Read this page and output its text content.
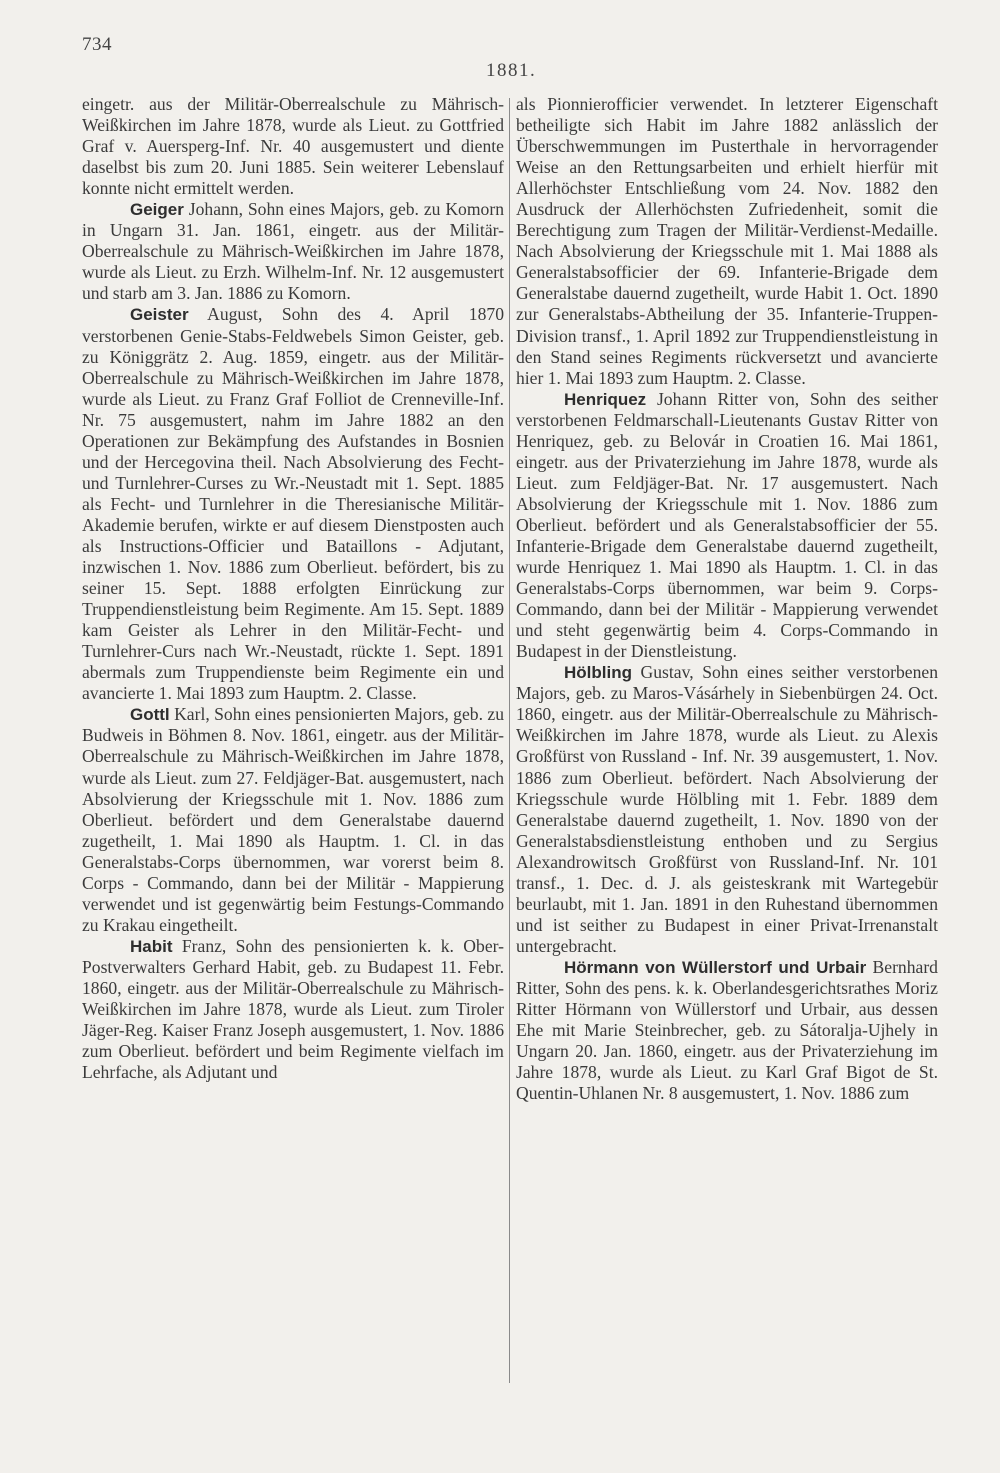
734
1881.

eingetr. aus der Militär-Oberrealschule zu Mährisch-Weißkirchen im Jahre 1878, wurde als Lieut. zu Gottfried Graf v. Auersperg-Inf. Nr. 40 ausgemustert und diente daselbst bis zum 20. Juni 1885. Sein weiterer Lebenslauf konnte nicht ermittelt werden.

Geiger Johann, Sohn eines Majors, geb. zu Komorn in Ungarn 31. Jan. 1861, eingetr. aus der Militär-Oberrealschule zu Mährisch-Weißkirchen im Jahre 1878, wurde als Lieut. zu Erzh. Wilhelm-Inf. Nr. 12 ausgemustert und starb am 3. Jan. 1886 zu Komorn.

Geister August, Sohn des 4. April 1870 verstorbenen Genie-Stabs-Feldwebels Simon Geister, geb. zu Königgrätz 2. Aug. 1859, eingetr. aus der Militär-Oberrealschule zu Mährisch-Weißkirchen im Jahre 1878, wurde als Lieut. zu Franz Graf Folliot de Crenneville-Inf. Nr. 75 ausgemustert, nahm im Jahre 1882 an den Operationen zur Bekämpfung des Aufstandes in Bosnien und der Hercegovina theil. Nach Absolvierung des Fecht- und Turnlehrer-Curses zu Wr.-Neustadt mit 1. Sept. 1885 als Fecht- und Turnlehrer in die Theresianische Militär-Akademie berufen, wirkte er auf diesem Dienstposten auch als Instructions-Officier und Bataillons - Adjutant, inzwischen 1. Nov. 1886 zum Oberlieut. befördert, bis zu seiner 15. Sept. 1888 erfolgten Einrückung zur Truppendienstleistung beim Regimente. Am 15. Sept. 1889 kam Geister als Lehrer in den Militär-Fecht- und Turnlehrer-Curs nach Wr.-Neustadt, rückte 1. Sept. 1891 abermals zum Truppendienste beim Regimente ein und avancierte 1. Mai 1893 zum Hauptm. 2. Classe.

Gottl Karl, Sohn eines pensionierten Majors, geb. zu Budweis in Böhmen 8. Nov. 1861, eingetr. aus der Militär-Oberrealschule zu Mährisch-Weißkirchen im Jahre 1878, wurde als Lieut. zum 27. Feldjäger-Bat. ausgemustert, nach Absolvierung der Kriegsschule mit 1. Nov. 1886 zum Oberlieut. befördert und dem Generalstabe dauernd zugetheilt, 1. Mai 1890 als Hauptm. 1. Cl. in das Generalstabs-Corps übernommen, war vorerst beim 8. Corps - Commando, dann bei der Militär - Mappierung verwendet und ist gegenwärtig beim Festungs-Commando zu Krakau eingetheilt.

Habit Franz, Sohn des pensionierten k. k. Ober-Postverwalters Gerhard Habit, geb. zu Budapest 11. Febr. 1860, eingetr. aus der Militär-Oberrealschule zu Mährisch-Weißkirchen im Jahre 1878, wurde als Lieut. zum Tiroler Jäger-Reg. Kaiser Franz Joseph ausgemustert, 1. Nov. 1886 zum Oberlieut. befördert und beim Regimente vielfach im Lehrfache, als Adjutant und

als Pionnierofficier verwendet. In letzterer Eigenschaft betheiligte sich Habit im Jahre 1882 anlässlich der Überschwemmungen im Pusterthale in hervorragender Weise an den Rettungsarbeiten und erhielt hierfür mit Allerhöchster Entschließung vom 24. Nov. 1882 den Ausdruck der Allerhöchsten Zufriedenheit, somit die Berechtigung zum Tragen der Militär-Verdienst-Medaille. Nach Absolvierung der Kriegsschule mit 1. Mai 1888 als Generalstabsofficier der 69. Infanterie-Brigade dem Generalstabe dauernd zugetheilt, wurde Habit 1. Oct. 1890 zur Generalstabs-Abtheilung der 35. Infanterie-Truppen-Division transf., 1. April 1892 zur Truppendienstleistung in den Stand seines Regiments rückversetzt und avancierte hier 1. Mai 1893 zum Hauptm. 2. Classe.

Henriquez Johann Ritter von, Sohn des seither verstorbenen Feldmarschall-Lieutenants Gustav Ritter von Henriquez, geb. zu Belovár in Croatien 16. Mai 1861, eingetr. aus der Privaterziehung im Jahre 1878, wurde als Lieut. zum Feldjäger-Bat. Nr. 17 ausgemustert. Nach Absolvierung der Kriegsschule mit 1. Nov. 1886 zum Oberlieut. befördert und als Generalstabsofficier der 55. Infanterie-Brigade dem Generalstabe dauernd zugetheilt, wurde Henriquez 1. Mai 1890 als Hauptm. 1. Cl. in das Generalstabs-Corps übernommen, war beim 9. Corps-Commando, dann bei der Militär - Mappierung verwendet und steht gegenwärtig beim 4. Corps-Commando in Budapest in der Dienstleistung.

Hölbling Gustav, Sohn eines seither verstorbenen Majors, geb. zu Maros-Vásárhely in Siebenbürgen 24. Oct. 1860, eingetr. aus der Militär-Oberrealschule zu Mährisch-Weißkirchen im Jahre 1878, wurde als Lieut. zu Alexis Großfürst von Russland - Inf. Nr. 39 ausgemustert, 1. Nov. 1886 zum Oberlieut. befördert. Nach Absolvierung der Kriegsschule wurde Hölbling mit 1. Febr. 1889 dem Generalstabe dauernd zugetheilt, 1. Nov. 1890 von der Generalstabsdienstleistung enthoben und zu Sergius Alexandrowitsch Großfürst von Russland-Inf. Nr. 101 transf., 1. Dec. d. J. als geisteskrank mit Wartegebür beurlaubt, mit 1. Jan. 1891 in den Ruhestand übernommen und ist seither zu Budapest in einer Privat-Irrenanstalt untergebracht.

Hörmann von Wüllerstorf und Urbair Bernhard Ritter, Sohn des pens. k. k. Oberlandesgerichtsrathes Moriz Ritter Hörmann von Wüllerstorf und Urbair, aus dessen Ehe mit Marie Steinbrecher, geb. zu Sátoralja-Ujhely in Ungarn 20. Jan. 1860, eingetr. aus der Privaterziehung im Jahre 1878, wurde als Lieut. zu Karl Graf Bigot de St. Quentin-Uhlanen Nr. 8 ausgemustert, 1. Nov. 1886 zum
